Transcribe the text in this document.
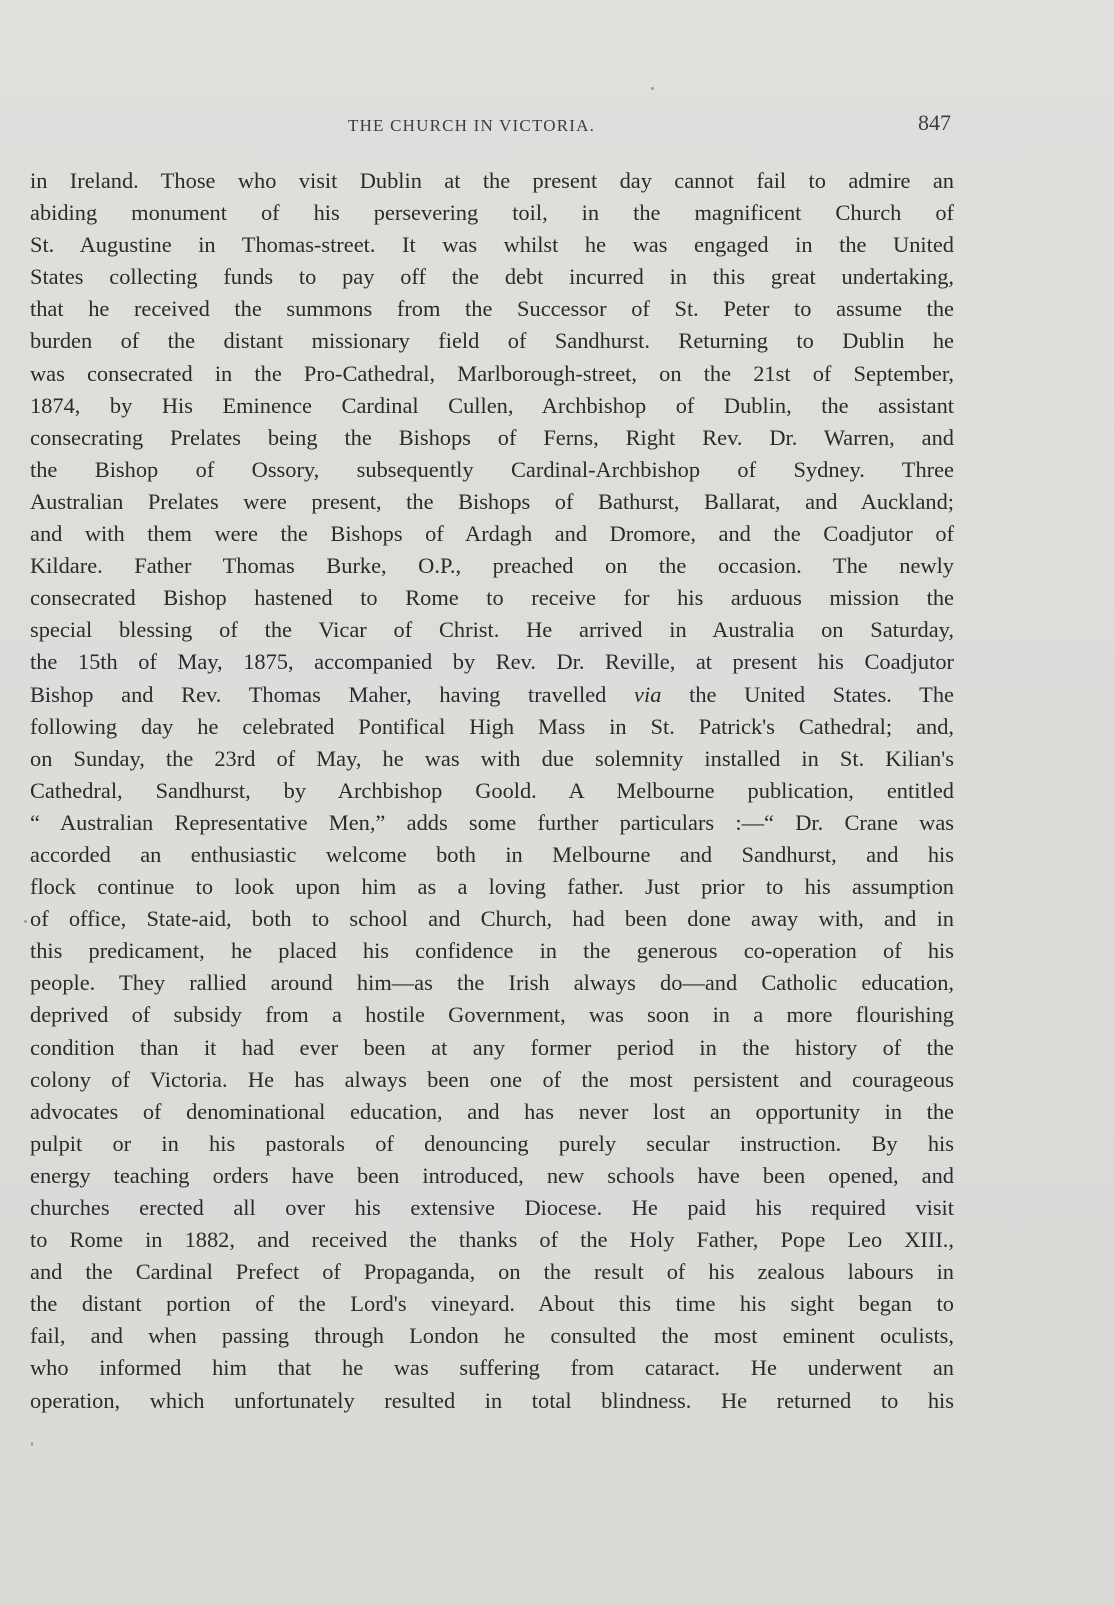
THE CHURCH IN VICTORIA.	847
in Ireland. Those who visit Dublin at the present day cannot fail to admire an
abiding monument of his persevering toil, in the magnificent Church of
St. Augustine in Thomas-street. It was whilst he was engaged in the United
States collecting funds to pay off the debt incurred in this great undertaking,
that he received the summons from the Successor of St. Peter to assume the
burden of the distant missionary field of Sandhurst. Returning to Dublin he
was consecrated in the Pro-Cathedral, Marlborough-street, on the 21st of September,
1874, by His Eminence Cardinal Cullen, Archbishop of Dublin, the assistant
consecrating Prelates being the Bishops of Ferns, Right Rev. Dr. Warren, and
the Bishop of Ossory, subsequently Cardinal-Archbishop of Sydney. Three
Australian Prelates were present, the Bishops of Bathurst, Ballarat, and Auckland;
and with them were the Bishops of Ardagh and Dromore, and the Coadjutor of
Kildare. Father Thomas Burke, O.P., preached on the occasion. The newly
consecrated Bishop hastened to Rome to receive for his arduous mission the
special blessing of the Vicar of Christ. He arrived in Australia on Saturday,
the 15th of May, 1875, accompanied by Rev. Dr. Reville, at present his Coadjutor
Bishop and Rev. Thomas Maher, having travelled via the United States. The
following day he celebrated Pontifical High Mass in St. Patrick's Cathedral; and,
on Sunday, the 23rd of May, he was with due solemnity installed in St. Kilian's
Cathedral, Sandhurst, by Archbishop Goold. A Melbourne publication, entitled
“ Australian Representative Men,” adds some further particulars :—“ Dr. Crane was
accorded an enthusiastic welcome both in Melbourne and Sandhurst, and his
flock continue to look upon him as a loving father. Just prior to his assumption
of office, State-aid, both to school and Church, had been done away with, and in
this predicament, he placed his confidence in the generous co-operation of his
people. They rallied around him—as the Irish always do—and Catholic education,
deprived of subsidy from a hostile Government, was soon in a more flourishing
condition than it had ever been at any former period in the history of the
colony of Victoria. He has always been one of the most persistent and courageous
advocates of denominational education, and has never lost an opportunity in the
pulpit or in his pastorals of denouncing purely secular instruction. By his
energy teaching orders have been introduced, new schools have been opened, and
churches erected all over his extensive Diocese. He paid his required visit
to Rome in 1882, and received the thanks of the Holy Father, Pope Leo XIII.,
and the Cardinal Prefect of Propaganda, on the result of his zealous labours in
the distant portion of the Lord's vineyard. About this time his sight began to
fail, and when passing through London he consulted the most eminent oculists,
who informed him that he was suffering from cataract. He underwent an
operation, which unfortunately resulted in total blindness. He returned to his
